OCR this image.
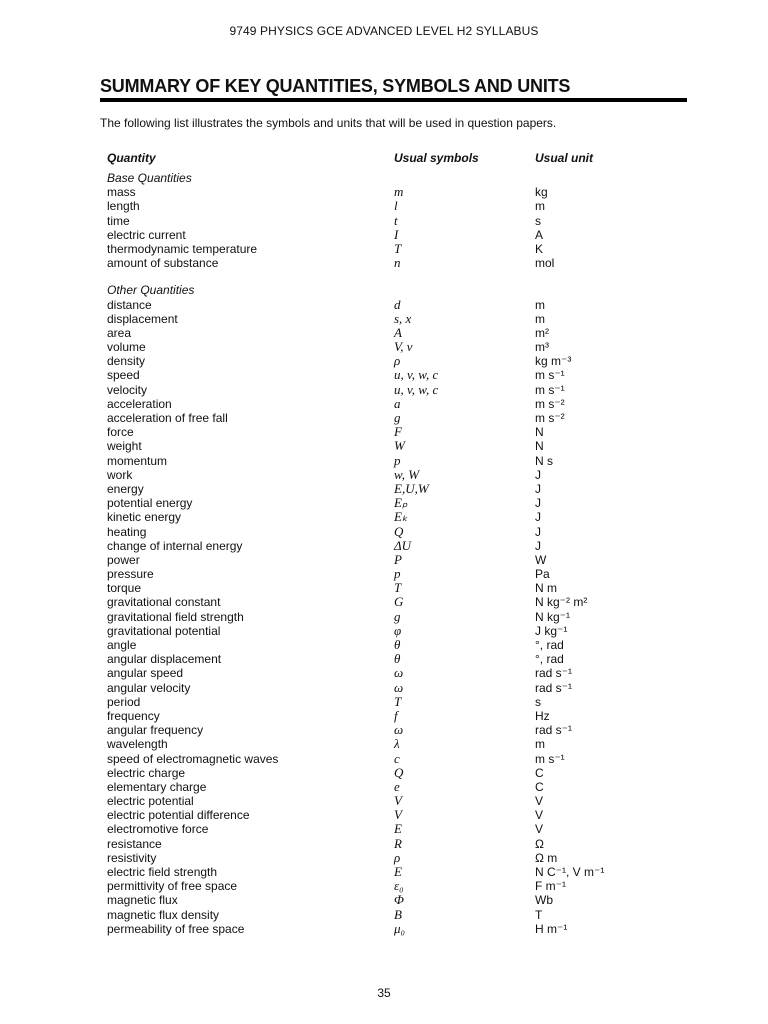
9749 PHYSICS GCE ADVANCED LEVEL H2 SYLLABUS
SUMMARY OF KEY QUANTITIES, SYMBOLS AND UNITS
The following list illustrates the symbols and units that will be used in question papers.
Quantity	Usual symbols	Usual unit
Base Quantities
mass	m	kg
length	l	m
time	t	s
electric current	I	A
thermodynamic temperature	T	K
amount of substance	n	mol
Other Quantities
distance	d	m
displacement	s, x	m
area	A	m²
volume	V, v	m³
density	ρ	kg m⁻³
speed	u, v, w, c	m s⁻¹
velocity	u, v, w, c	m s⁻¹
acceleration	a	m s⁻²
acceleration of free fall	g	m s⁻²
force	F	N
weight	W	N
momentum	p	N s
work	w, W	J
energy	E,U,W	J
potential energy	Eₚ	J
kinetic energy	Eₖ	J
heating	Q	J
change of internal energy	ΔU	J
power	P	W
pressure	p	Pa
torque	T	N m
gravitational constant	G	N kg⁻² m²
gravitational field strength	g	N kg⁻¹
gravitational potential	φ	J kg⁻¹
angle	θ	°, rad
angular displacement	θ	°, rad
angular speed	ω	rad s⁻¹
angular velocity	ω	rad s⁻¹
period	T	s
frequency	f	Hz
angular frequency	ω	rad s⁻¹
wavelength	λ	m
speed of electromagnetic waves	c	m s⁻¹
electric charge	Q	C
elementary charge	e	C
electric potential	V	V
electric potential difference	V	V
electromotive force	E	V
resistance	R	Ω
resistivity	ρ	Ω m
electric field strength	E	N C⁻¹, V m⁻¹
permittivity of free space	ε₀	F m⁻¹
magnetic flux	Φ	Wb
magnetic flux density	B	T
permeability of free space	μ₀	H m⁻¹
35
